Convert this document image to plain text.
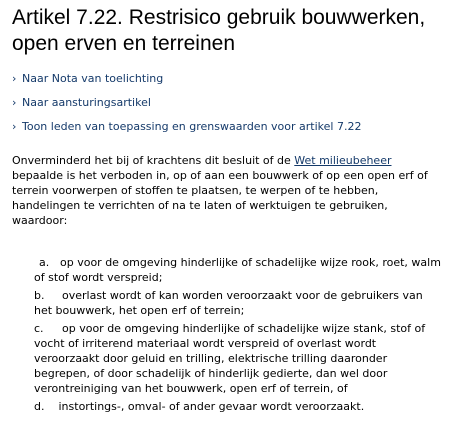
Artikel 7.22. Restrisico gebruik bouwwerken,
open erven en terreinen
› Naar Nota van toelichting
› Naar aansturingsartikel
› Toon leden van toepassing en grenswaarden voor artikel 7.22

Onverminderd het bij of krachtens dit besluit of de Wet milieubeheer bepaalde is het verboden in, op of aan een bouwwerk of op een open erf of terrein voorwerpen of stoffen te plaatsen, te werpen of te hebben, handelingen te verrichten of na te laten of werktuigen te gebruiken, waardoor:

a. op voor de omgeving hinderlijke of schadelijke wijze rook, roet, walm of stof wordt verspreid;
b. overlast wordt of kan worden veroorzaakt voor de gebruikers van het bouwwerk, het open erf of terrein;
c. op voor de omgeving hinderlijke of schadelijke wijze stank, stof of vocht of irriterend materiaal wordt verspreid of overlast wordt veroorzaakt door geluid en trilling, elektrische trilling daaronder begrepen, of door schadelijk of hinderlijk gedierte, dan wel door verontreiniging van het bouwwerk, open erf of terrein, of
d. instortings-, omval- of ander gevaar wordt veroorzaakt.
